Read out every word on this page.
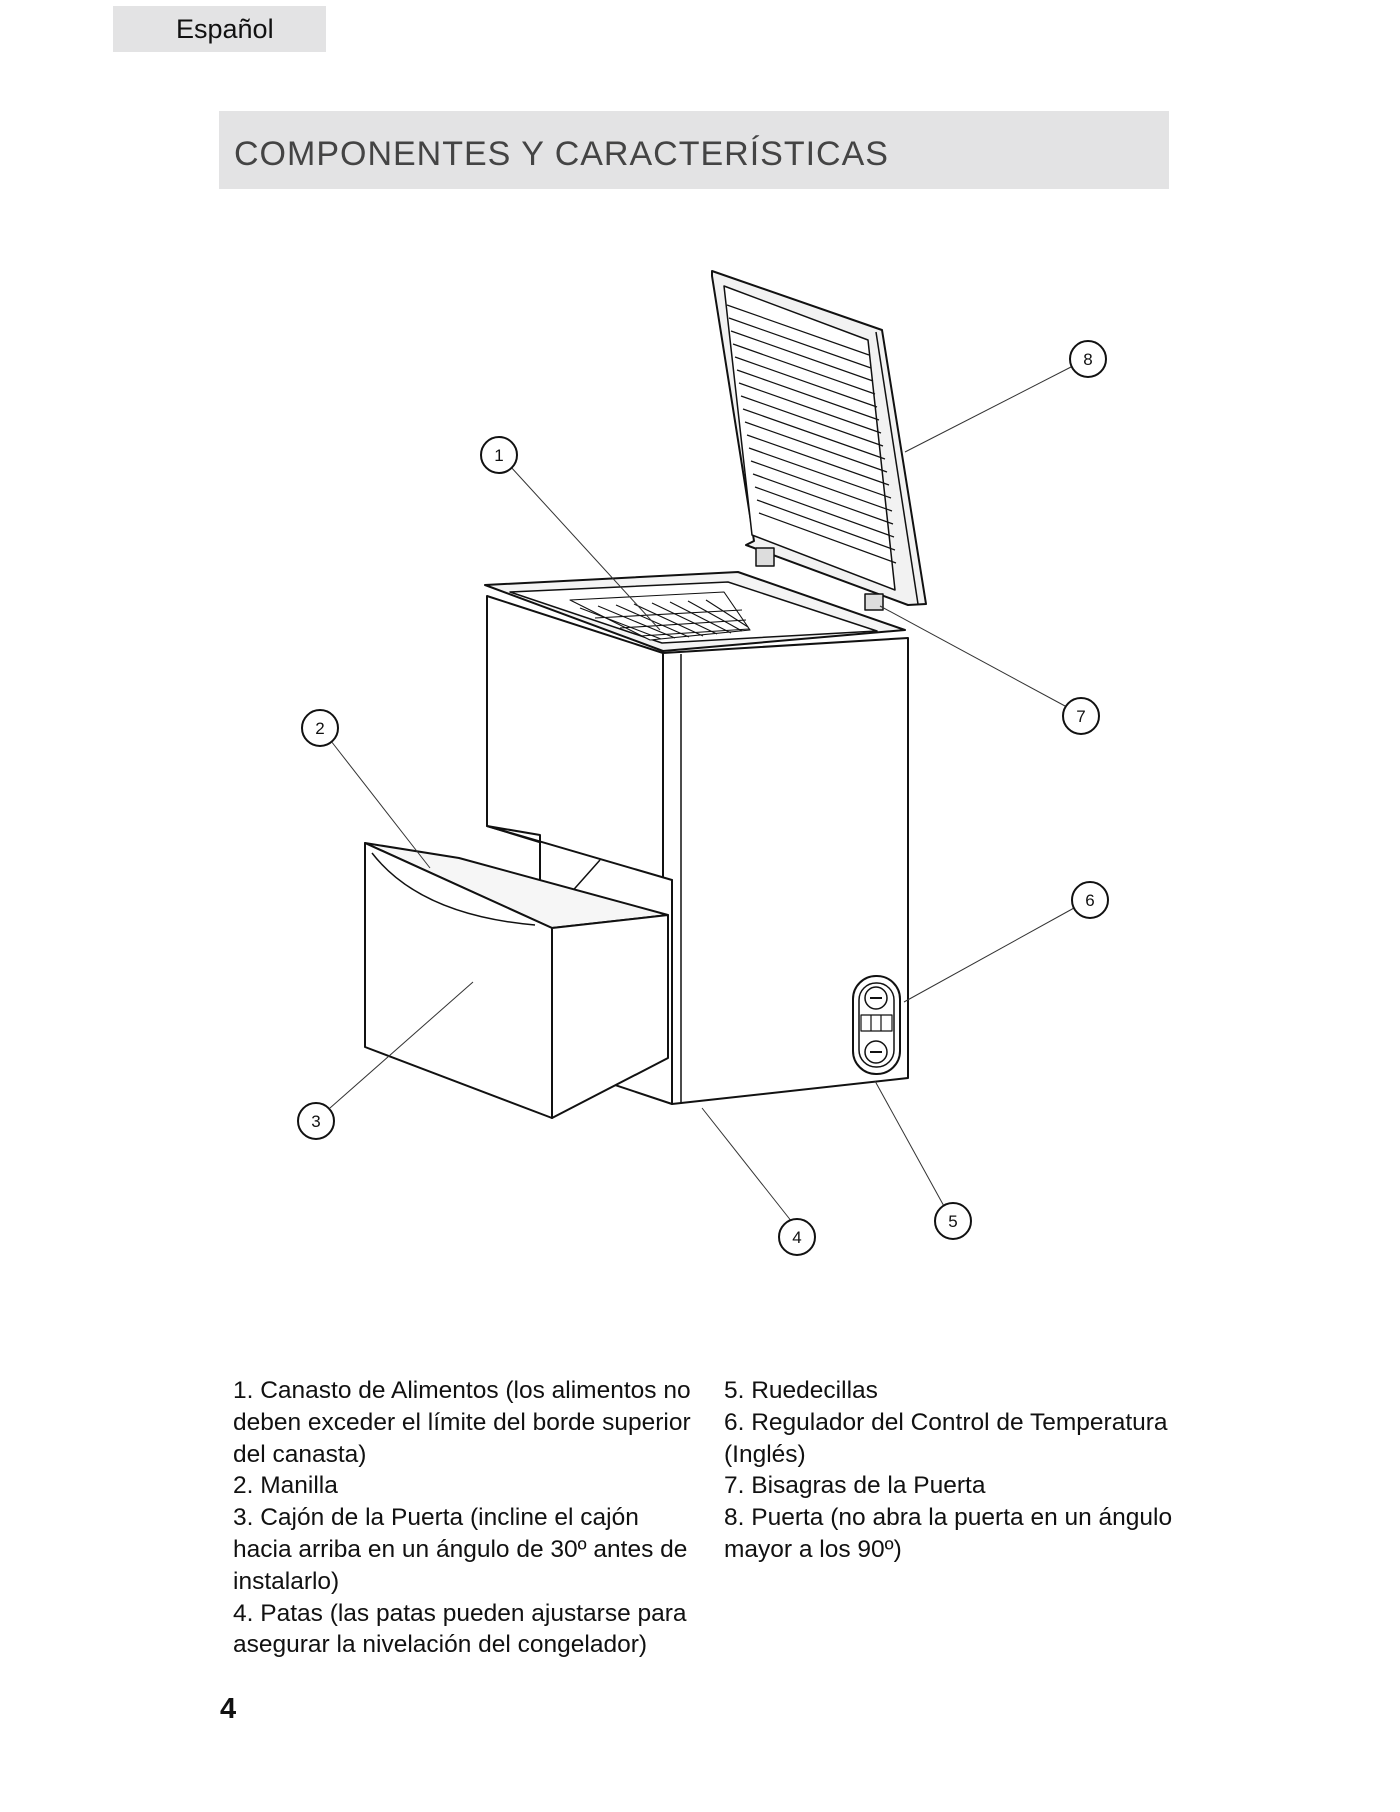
Español
COMPONENTES Y CARACTERÍSTICAS
1
2
3
4
5
6
7
8
1. Canasto de Alimentos (los alimentos no deben exceder el límite del borde superior del canasta)
2. Manilla
3. Cajón de la Puerta (incline el cajón hacia arriba en un ángulo de 30º antes de instalarlo)
4. Patas (las patas pueden ajustarse para asegurar la nivelación del congelador)
5. Ruedecillas
6. Regulador del Control de Temperatura (Inglés)
7. Bisagras de la Puerta
8. Puerta (no abra la puerta en un ángulo mayor a los 90º)
4
